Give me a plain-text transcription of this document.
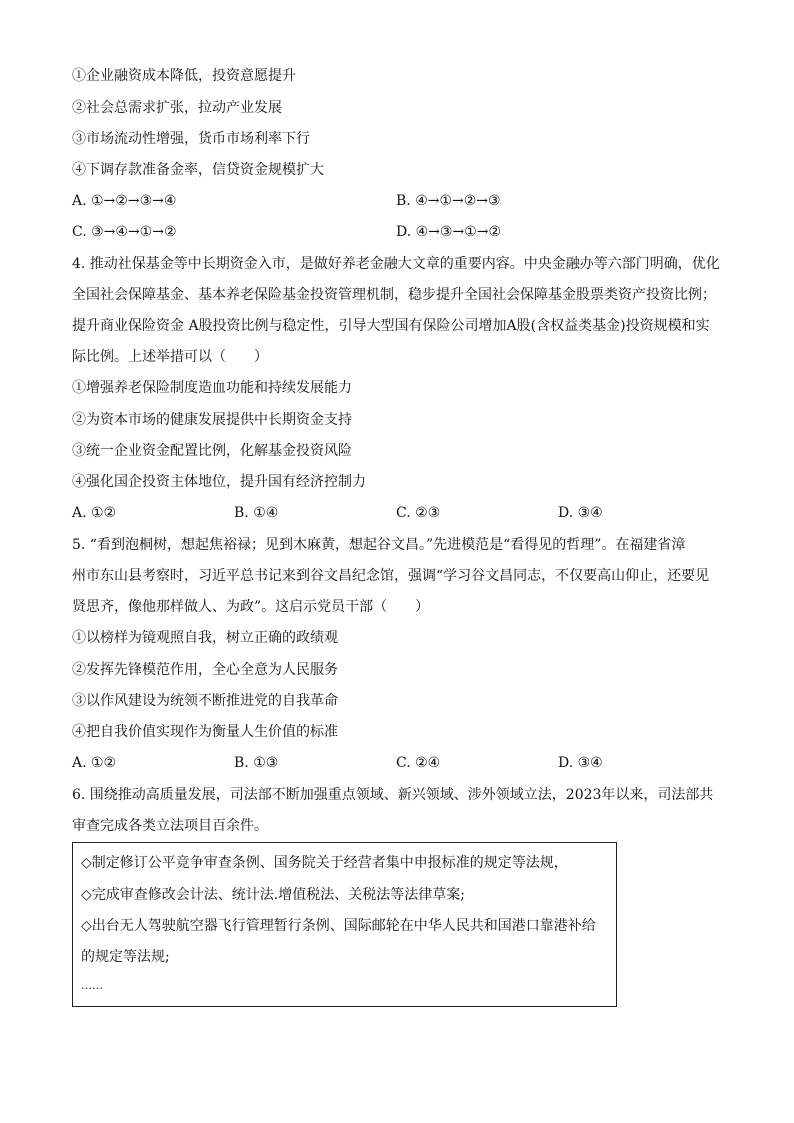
①企业融资成本降低，投资意愿提升
②社会总需求扩张，拉动产业发展
③市场流动性增强，货币市场利率下行
④下调存款准备金率，信贷资金规模扩大
A. ①→②→③→④	B. ④→①→②→③
C. ③→④→①→②	D. ④→③→①→②
4. 推动社保基金等中长期资金入市，是做好养老金融大文章的重要内容。中央金融办等六部门明确，优化
全国社会保障基金、基本养老保险基金投资管理机制，稳步提升全国社会保障基金股票类资产投资比例；
提升商业保险资金 A股投资比例与稳定性，引导大型国有保险公司增加A股(含权益类基金)投资规模和实
际比例。上述举措可以（　　）
①增强养老保险制度造血功能和持续发展能力
②为资本市场的健康发展提供中长期资金支持
③统一企业资金配置比例，化解基金投资风险
④强化国企投资主体地位，提升国有经济控制力
A. ①②	B. ①④	C. ②③	D. ③④
5. “看到泡桐树，想起焦裕禄；见到木麻黄，想起谷文昌。”先进模范是“看得见的哲理”。在福建省漳
州市东山县考察时，习近平总书记来到谷文昌纪念馆，强调“学习谷文昌同志，不仅要高山仰止，还要见
贤思齐，像他那样做人、为政”。这启示党员干部（　　）
①以榜样为镜观照自我，树立正确的政绩观
②发挥先锋模范作用，全心全意为人民服务
③以作风建设为统领不断推进党的自我革命
④把自我价值实现作为衡量人生价值的标准
A. ①②	B. ①③	C. ②④	D. ③④
6. 围绕推动高质量发展，司法部不断加强重点领域、新兴领域、涉外领域立法，2023年以来，司法部共
审查完成各类立法项目百余件。
◇制定修订公平竞争审查条例、国务院关于经营者集中申报标准的规定等法规，
◇完成审查修改会计法、统计法.增值税法、关税法等法律草案;
◇出台无人驾驶航空器飞行管理暂行条例、国际邮轮在中华人民共和国港口靠港补给
的规定等法规;
……
